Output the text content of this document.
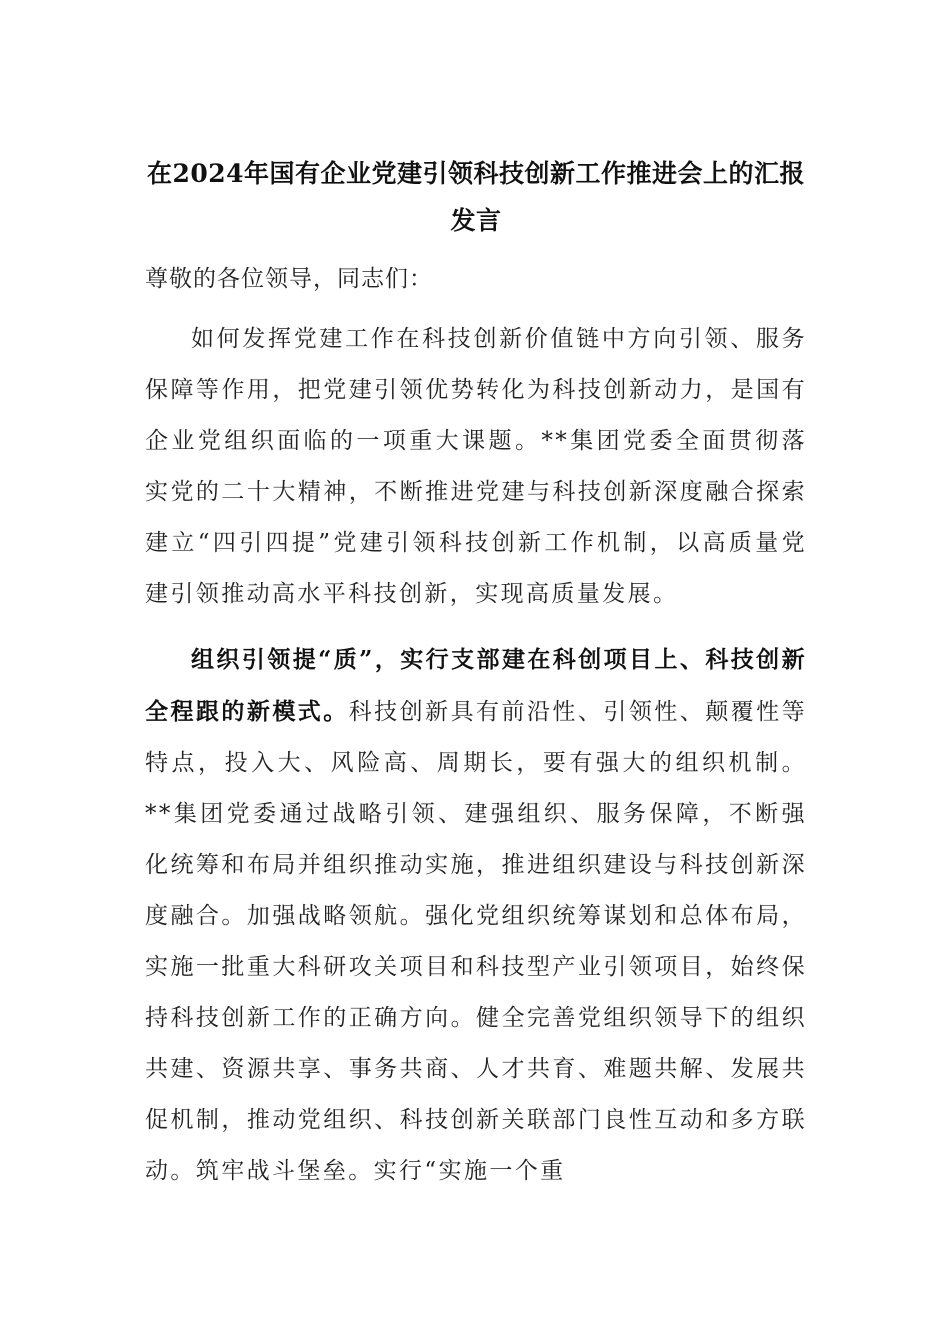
在2024年国有企业党建引领科技创新工作推进会上的汇报发言

尊敬的各位领导，同志们：

如何发挥党建工作在科技创新价值链中方向引领、服务保障等作用，把党建引领优势转化为科技创新动力，是国有企业党组织面临的一项重大课题。**集团党委全面贯彻落实党的二十大精神，不断推进党建与科技创新深度融合探索建立“四引四提”党建引领科技创新工作机制，以高质量党建引领推动高水平科技创新，实现高质量发展。

组织引领提“质”，实行支部建在科创项目上、科技创新全程跟的新模式。科技创新具有前沿性、引领性、颠覆性等特点，投入大、风险高、周期长，要有强大的组织机制。**集团党委通过战略引领、建强组织、服务保障，不断强化统筹和布局并组织推动实施，推进组织建设与科技创新深度融合。加强战略领航。强化党组织统筹谋划和总体布局，实施一批重大科研攻关项目和科技型产业引领项目，始终保持科技创新工作的正确方向。健全完善党组织领导下的组织共建、资源共享、事务共商、人才共育、难题共解、发展共促机制，推动党组织、科技创新关联部门良性互动和多方联动。筑牢战斗堡垒。实行“实施一个重
